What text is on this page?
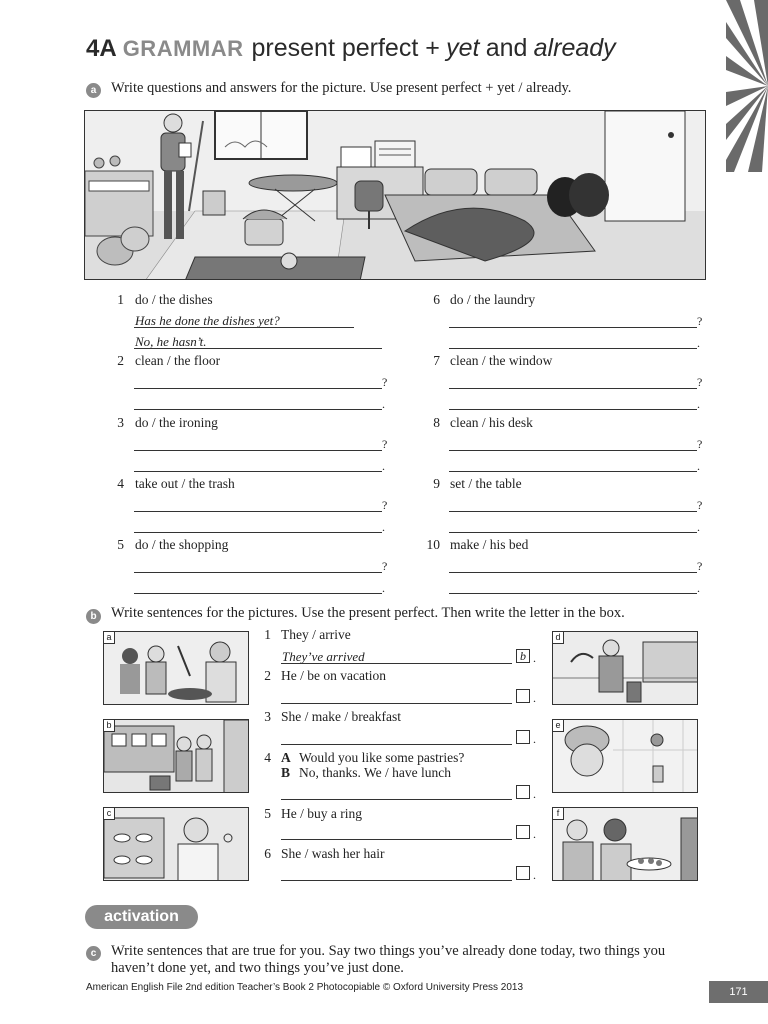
4A GRAMMAR present perfect + yet and already
a	Write questions and answers for the picture. Use present perfect + yet / already.
1 do / the dishes
Has he done the dishes yet?
No, he hasn’t.
2 clean / the floor
?
.
3 do / the ironing
?
.
4 take out / the trash
?
.
5 do / the shopping
?
.
6 do / the laundry
?
.
7 clean / the window
?
.
8 clean / his desk
?
.
9 set / the table
?
.
10 make / his bed
?
.
b Write sentences for the pictures. Use the present perfect. Then write the letter in the box.
a
b
c
d
e
f
1 They / arrive
They’ve arrived	b .
2 He / be on vacation
.
3 She / make / breakfast
.
4 A Would you like some pastries?
B No, thanks. We / have lunch
.
5 He / buy a ring
.
6 She / wash her hair
.
activation
c	Write sentences that are true for you. Say two things you’ve already done today, two things you
haven’t done yet, and two things you’ve just done.
American English File 2nd edition Teacher’s Book 2 Photocopiable © Oxford University Press 2013	171
